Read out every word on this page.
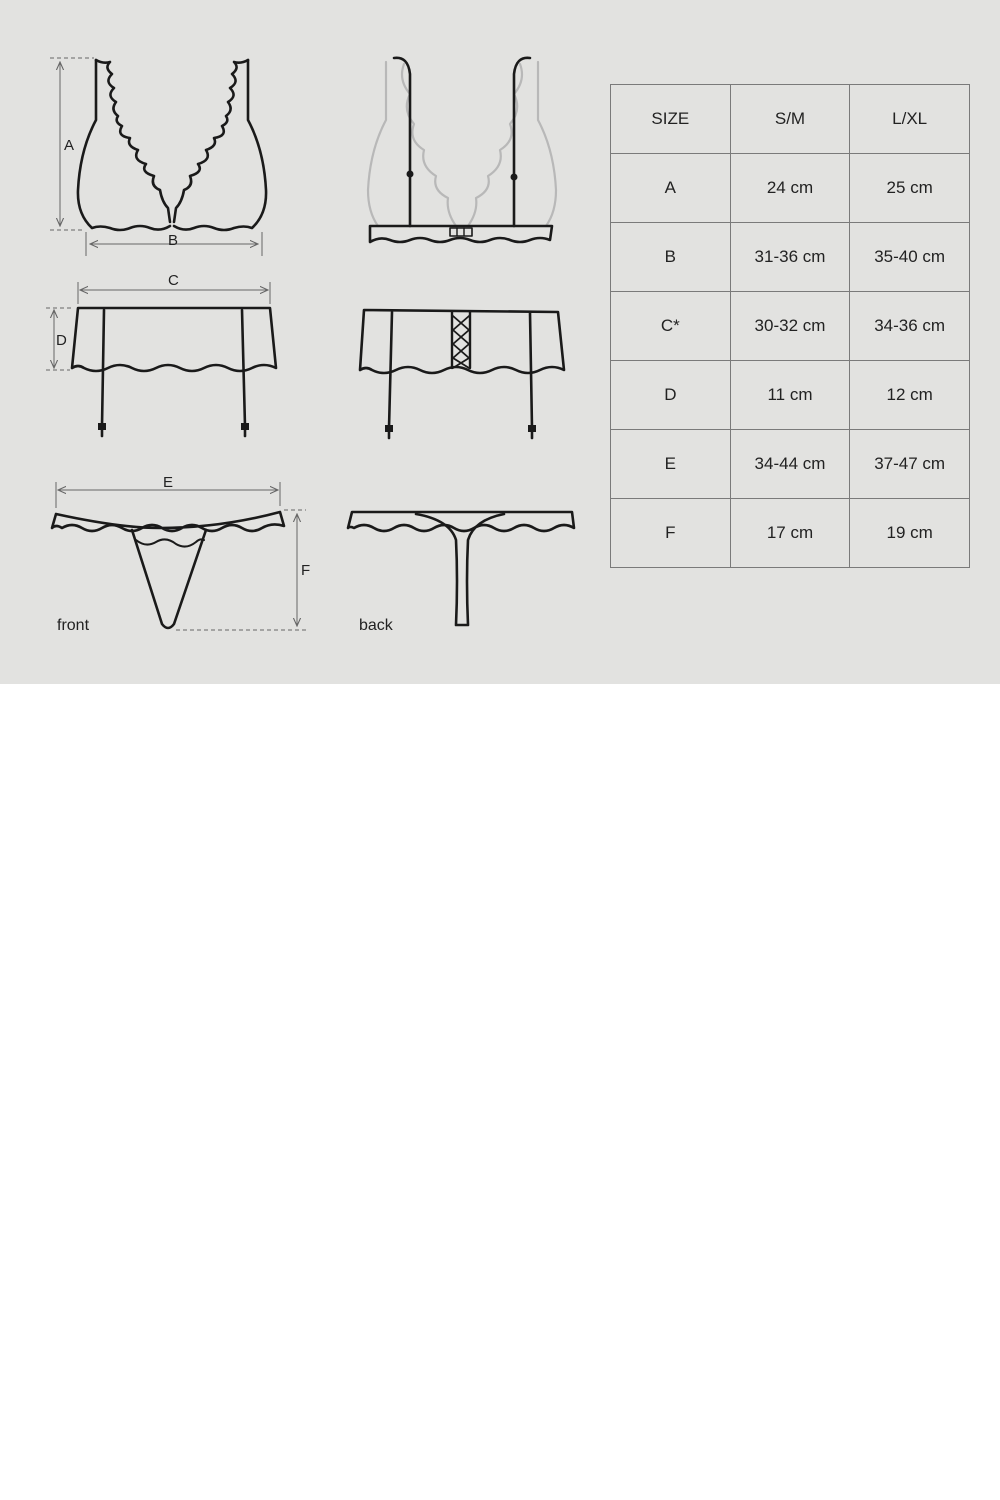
A
B
C
D
E
F
front	back
SIZE	S/M	L/XL
A	24 cm	25 cm
B	31-36 cm	35-40 cm
C*	30-32 cm	34-36 cm
D	11 cm	12 cm
E	34-44 cm	37-47 cm
F	17 cm	19 cm
